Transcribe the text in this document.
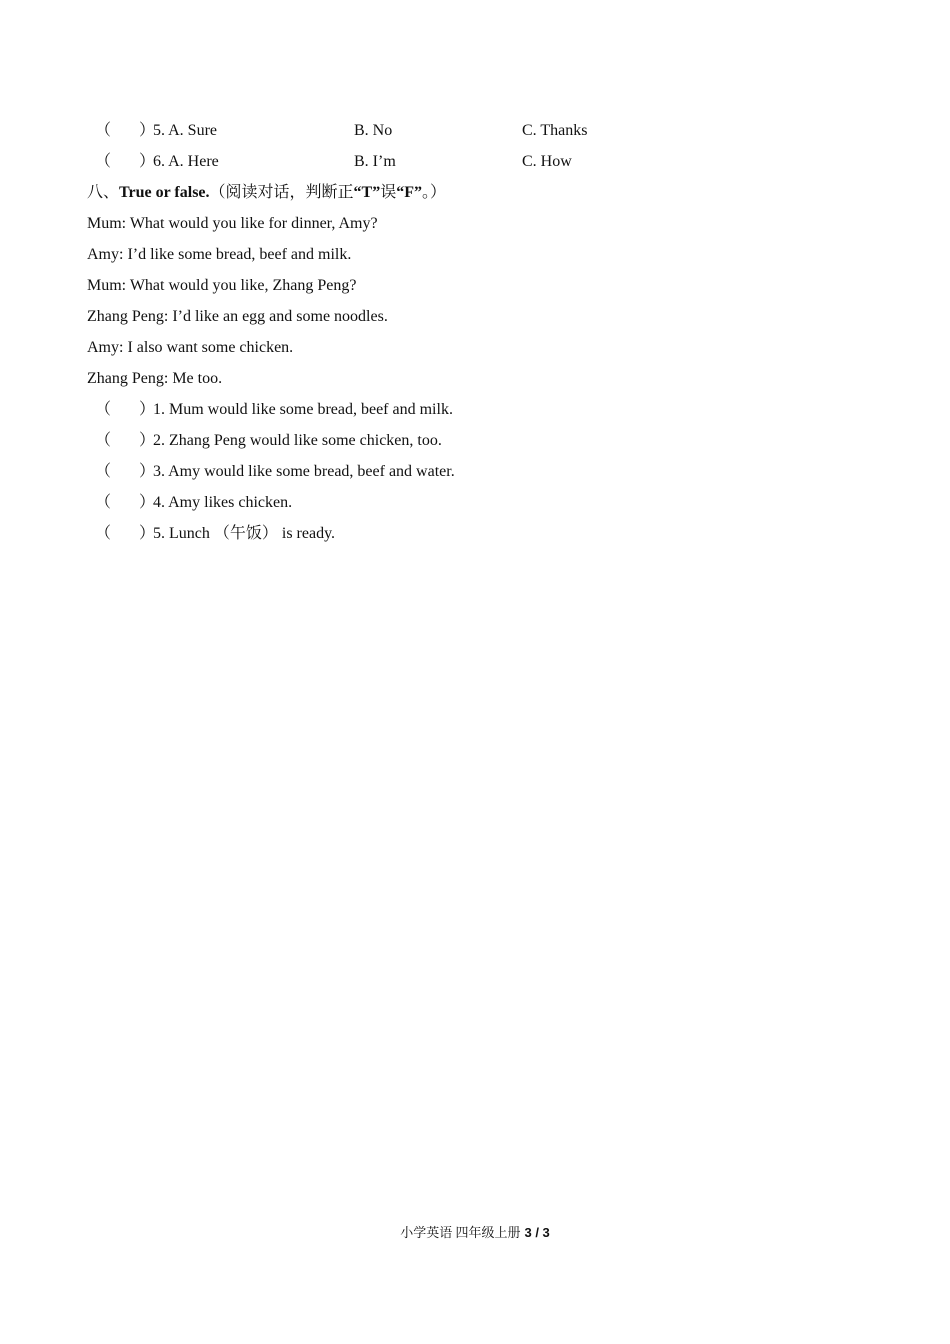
（ ）
5. A. Sure	B. No	C. Thanks
（ ）
6. A. Here	B. I’m	C. How
八、True or false.（阅读对话，判断正“T”误“F”。）
Mum: What would you like for dinner, Amy?
Amy: I’d like some bread, beef and milk.
Mum: What would you like, Zhang Peng?
Zhang Peng: I’d like an egg and some noodles.
Amy: I also want some chicken.
Zhang Peng: Me too.
（ ）
1. Mum would like some bread, beef and milk.
（ ）
2. Zhang Peng would like some chicken, too.
（ ）
3. Amy would like some bread, beef and water.
（ ）
4. Amy likes chicken.
（ ）
5. Lunch （午饭） is ready.
小学英语 四年级上册 3 / 3
